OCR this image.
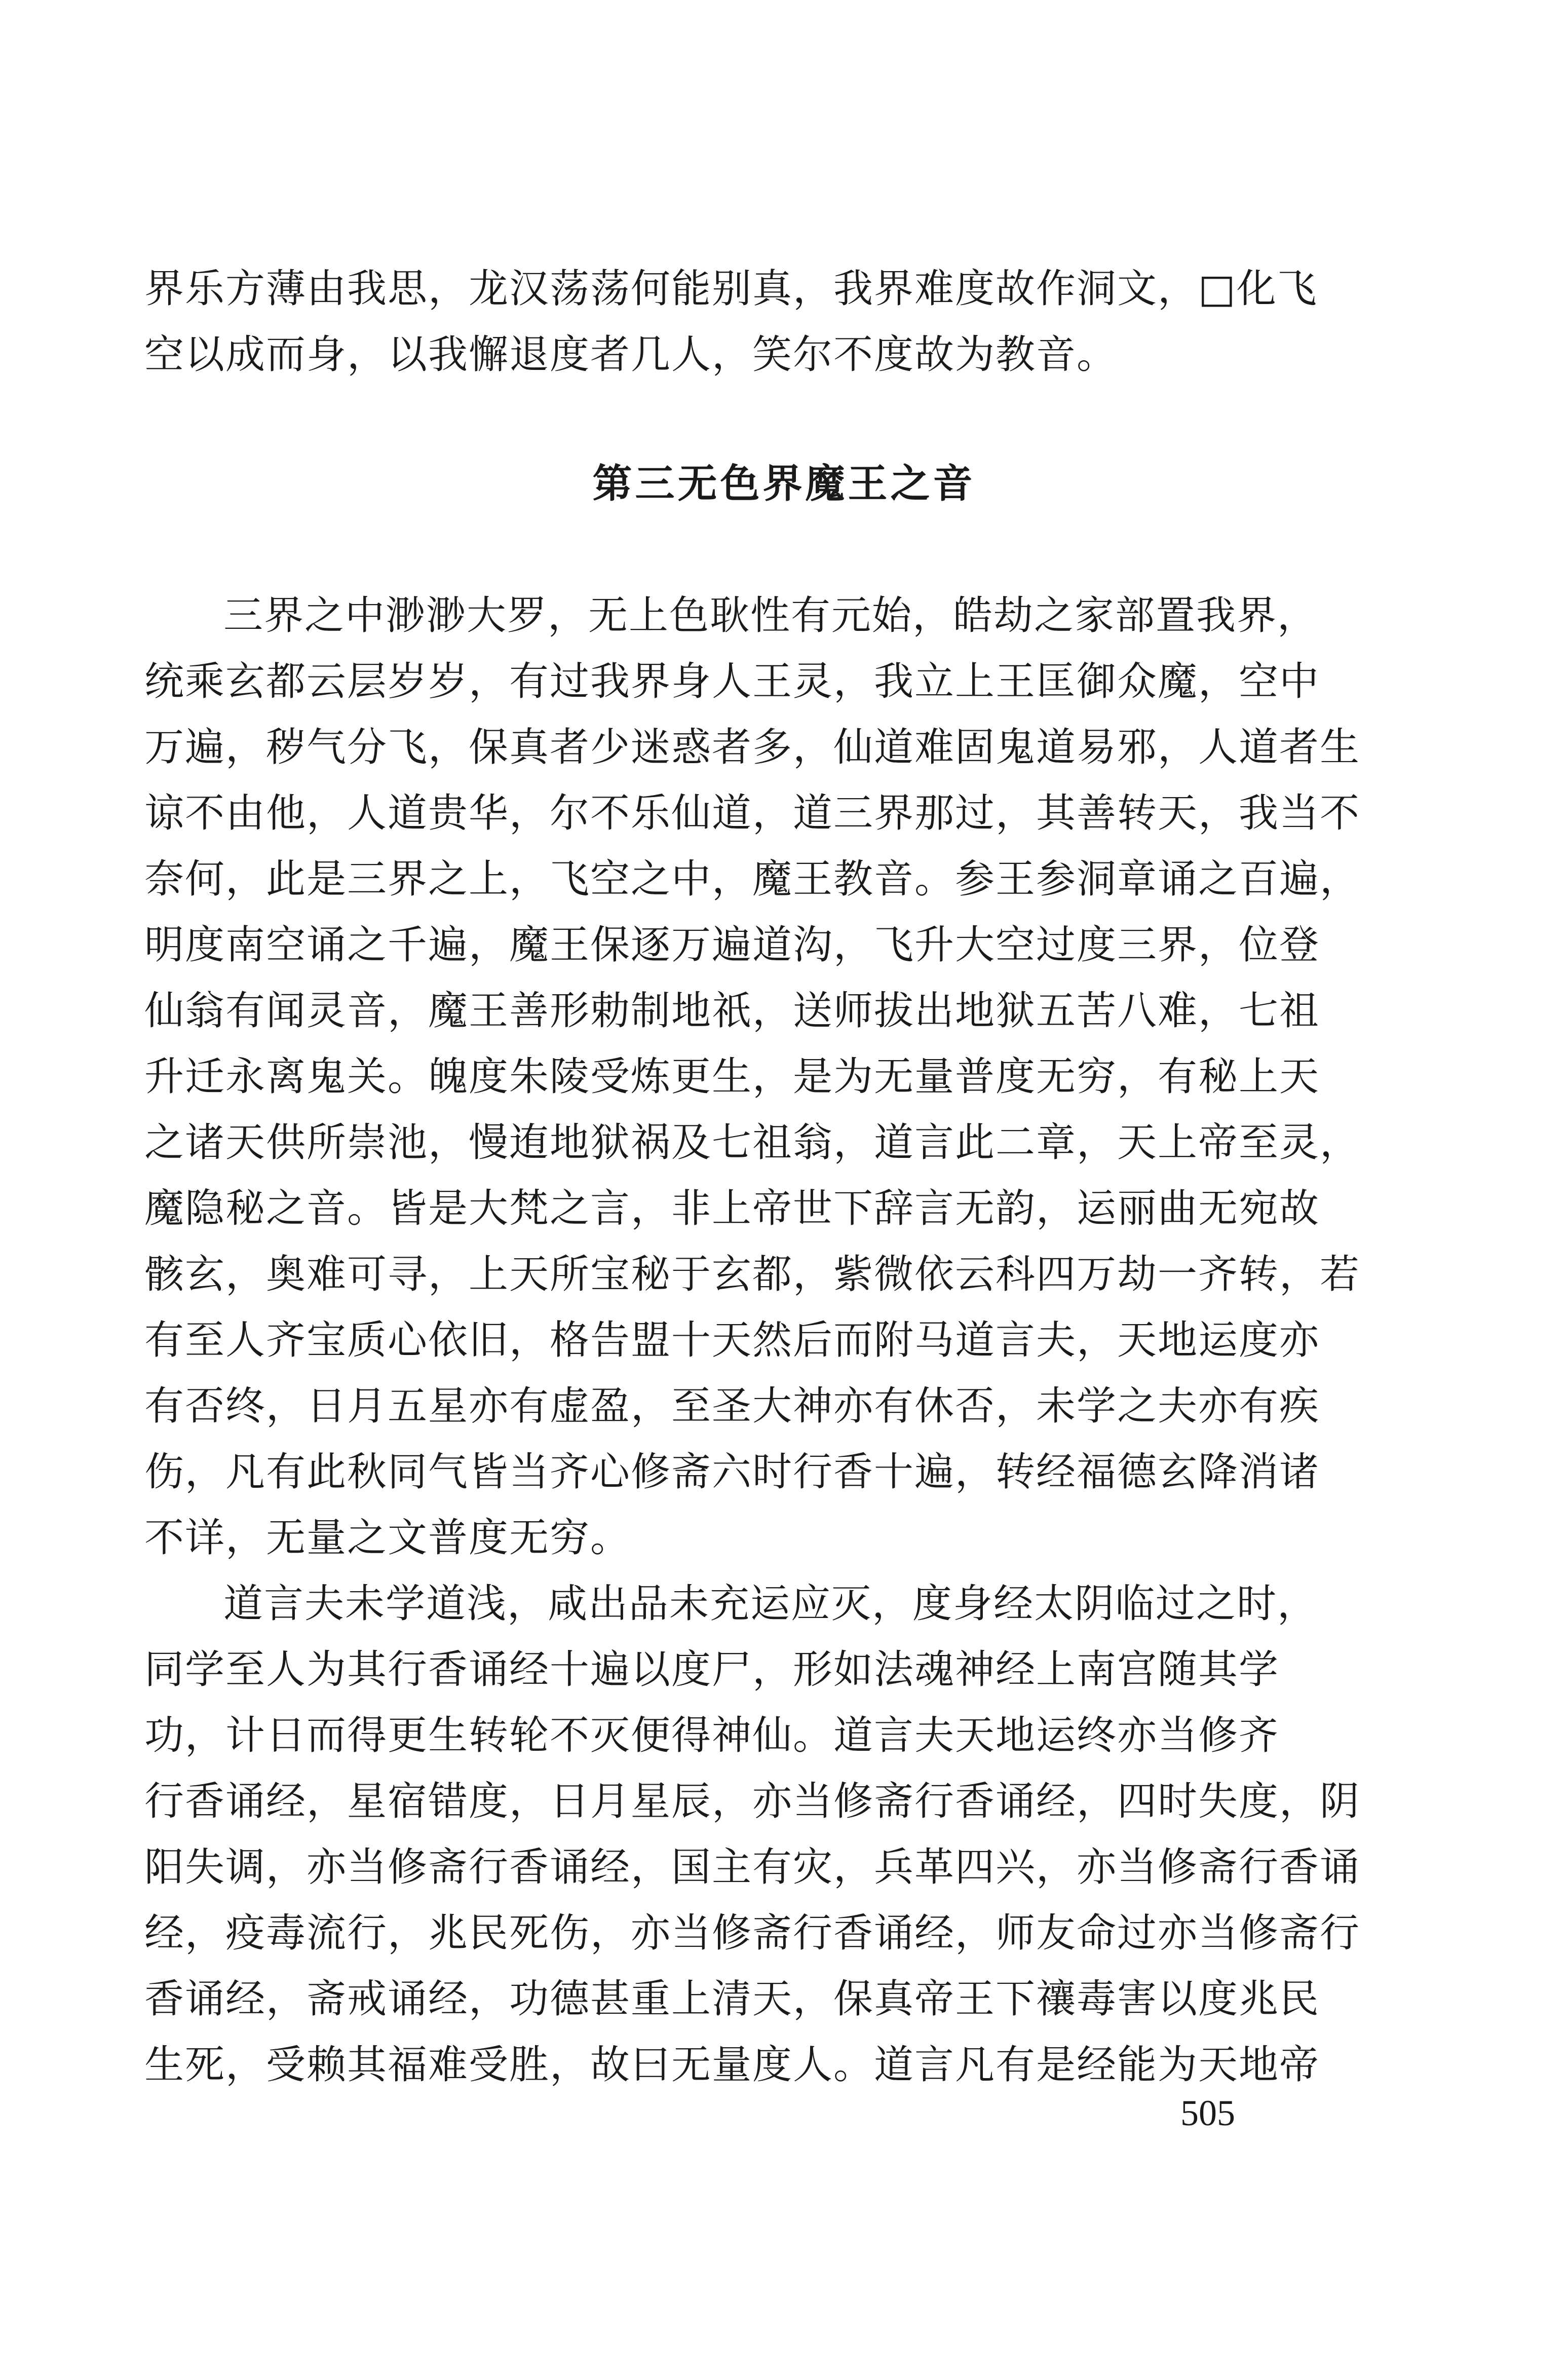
界乐方薄由我思，龙汉荡荡何能别真，我界难度故作洞文，□化飞
空以成而身，以我懈退度者几人，笑尔不度故为教音。
第三无色界魔王之音
三界之中渺渺大罗，无上色耿性有元始，皓劫之家部置我界，
统乘玄都云层岁岁，有过我界身人王灵，我立上王匡御众魔，空中
万遍，秽气分飞，保真者少迷惑者多，仙道难固鬼道易邪，人道者生
谅不由他，人道贵华，尔不乐仙道，道三界那过，其善转天，我当不
奈何，此是三界之上，飞空之中，魔王教音。参王参洞章诵之百遍，
明度南空诵之千遍，魔王保逐万遍道沟，飞升大空过度三界，位登
仙翁有闻灵音，魔王善形勅制地祇，送师拔出地狱五苦八难，七祖
升迁永离鬼关。魄度朱陵受炼更生，是为无量普度无穷，有秘上天
之诸天供所崇池，慢迶地狱祸及七祖翁，道言此二章，天上帝至灵，
魔隐秘之音。皆是大梵之言，非上帝世下辞言无韵，运丽曲无宛故
骸玄，奥难可寻，上天所宝秘于玄都，紫微依云科四万劫一齐转，若
有至人齐宝质心依旧，格告盟十天然后而附马道言夫，天地运度亦
有否终，日月五星亦有虚盈，至圣大神亦有休否，未学之夫亦有疾
伤，凡有此秋同气皆当齐心修斋六时行香十遍，转经福德玄降消诸
不详，无量之文普度无穷。
道言夫未学道浅，咸出品未充运应灭，度身经太阴临过之时，
同学至人为其行香诵经十遍以度尸，形如法魂神经上南宫随其学
功，计日而得更生转轮不灭便得神仙。道言夫天地运终亦当修齐
行香诵经，星宿错度，日月星辰，亦当修斋行香诵经，四时失度，阴
阳失调，亦当修斋行香诵经，国主有灾，兵革四兴，亦当修斋行香诵
经，疫毒流行，兆民死伤，亦当修斋行香诵经，师友命过亦当修斋行
香诵经，斋戒诵经，功德甚重上清天，保真帝王下禳毒害以度兆民
生死，受赖其福难受胜，故曰无量度人。道言凡有是经能为天地帝
505
